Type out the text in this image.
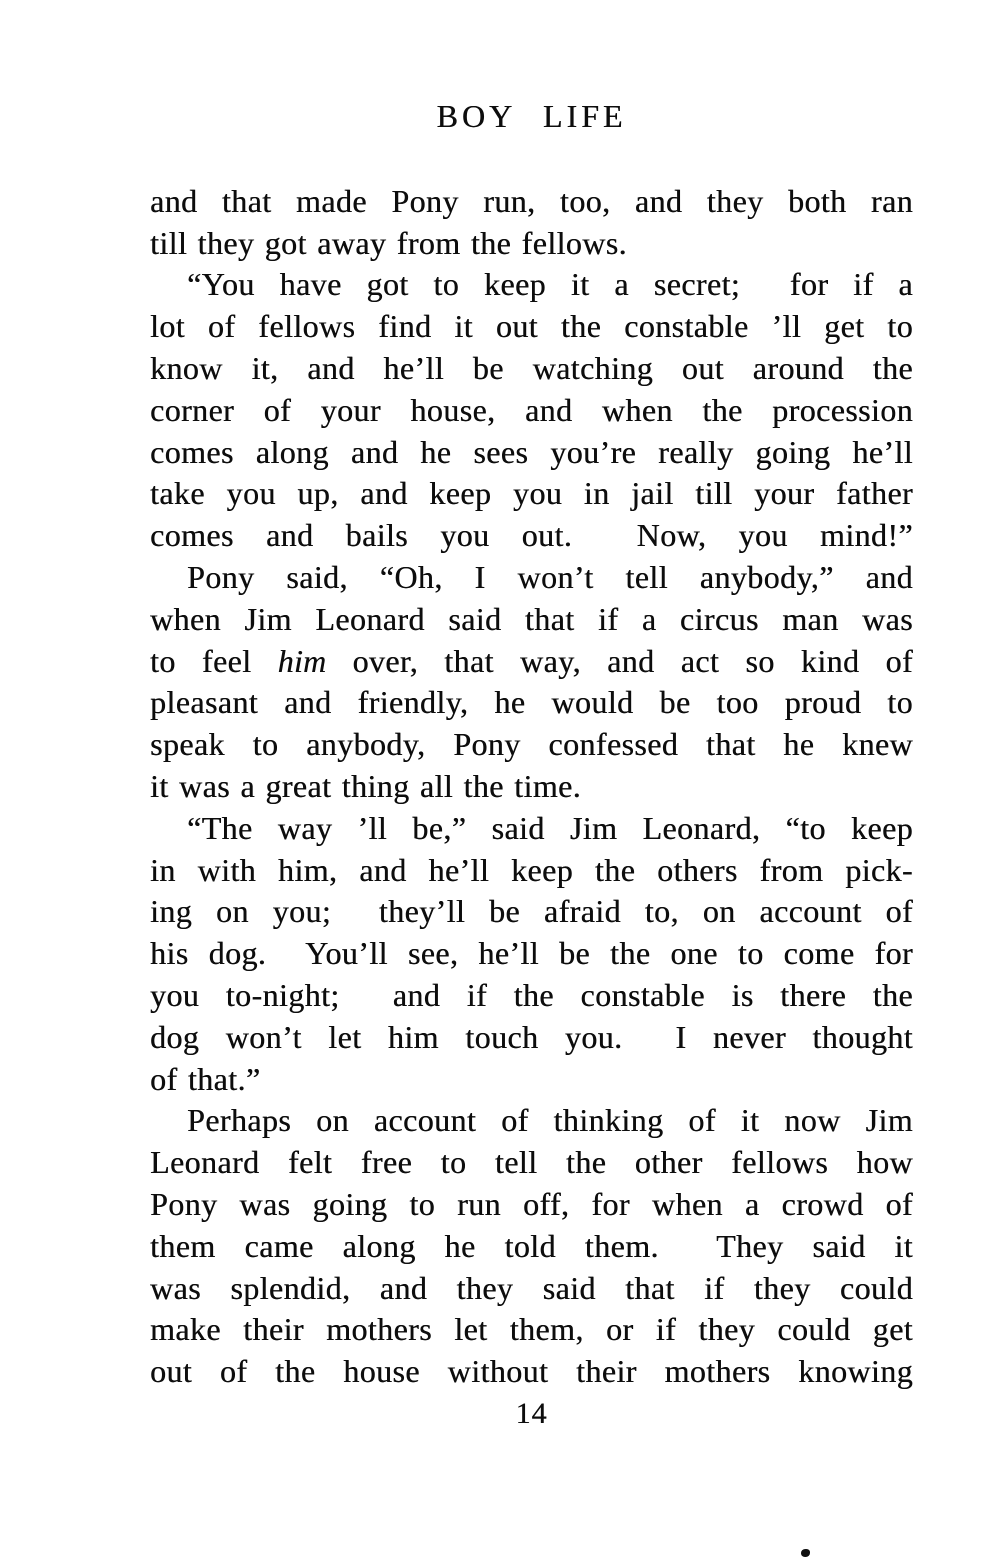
BOY LIFE
and that made Pony run, too, and they both ran
till they got away from the fellows.
“You have got to keep it a secret;  for if a
lot of fellows find it out the constable ’ll get to
know it, and he’ll be watching out around the
corner of your house, and when the procession
comes along and he sees you’re really going he’ll
take you up, and keep you in jail till your father
comes and bails you out.  Now, you mind!”
Pony said, “Oh, I won’t tell anybody,” and
when Jim Leonard said that if a circus man was
to feel him over, that way, and act so kind of
pleasant and friendly, he would be too proud to
speak to anybody, Pony confessed that he knew
it was a great thing all the time.
“The way ’ll be,” said Jim Leonard, “to keep
in with him, and he’ll keep the others from pick-
ing on you;  they’ll be afraid to, on account of
his dog.  You’ll see, he’ll be the one to come for
you to-night;  and if the constable is there the
dog won’t let him touch you.  I never thought
of that.”
Perhaps on account of thinking of it now Jim
Leonard felt free to tell the other fellows how
Pony was going to run off, for when a crowd of
them came along he told them.  They said it
was splendid, and they said that if they could
make their mothers let them, or if they could get
out of the house without their mothers knowing
14
